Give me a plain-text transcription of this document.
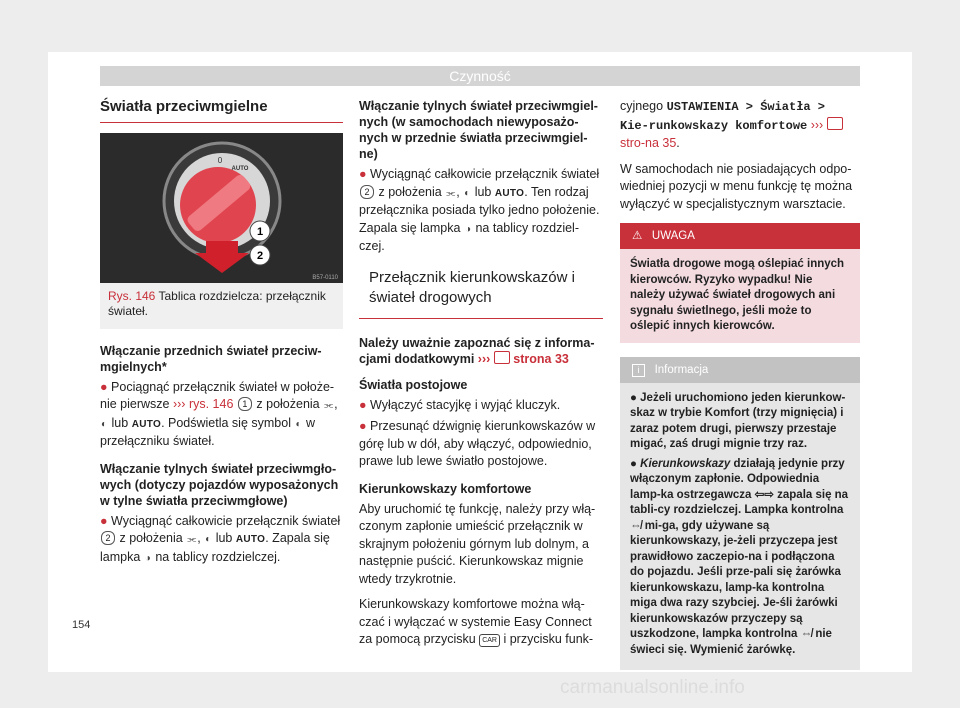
Czynność
Światła przeciwmgielne
0
AUTO
1
2
B57-0110
Rys. 146 Tablica rozdzielcza: przełącznik świateł.

Włączanie przednich świateł przeciw-mgielnych*

● Pociągnąć przełącznik świateł w położe-nie pierwsze ››› rys. 146 1 z położenia ⫘, ◐ lub AUTO. Podświetla się symbol ◐ w przełączniku świateł.

Włączanie tylnych świateł przeciwmgło-wych (dotyczy pojazdów wyposażonych w tylne światła przeciwmgłowe)

● Wyciągnąć całkowicie przełącznik świateł 2 z położenia ⫘, ◐ lub AUTO. Zapala się lampka ◑ na tablicy rozdzielczej.

Włączanie tylnych świateł przeciwmgiel-nych (w samochodach niewyposażo-nych w przednie światła przeciwmgiel-ne)

● Wyciągnąć całkowicie przełącznik świateł 2 z położenia ⫘, ◐ lub AUTO. Ten rodzaj przełącznika posiada tylko jedno położenie. Zapala się lampka ◑ na tablicy rozdziel-czej.

Przełącznik kierunkowskazów i świateł drogowych

Należy uważnie zapoznać się z informa-cjami dodatkowymi ››› strona 33

Światła postojowe

● Wyłączyć stacyjkę i wyjąć kluczyk.

● Przesunąć dźwignię kierunkowskazów w górę lub w dół, aby włączyć, odpowiednio, prawe lub lewe światło postojowe.

Kierunkowskazy komfortowe

Aby uruchomić tę funkcję, należy przy włą-czonym zapłonie umieścić przełącznik w skrajnym położeniu górnym lub dolnym, a następnie puścić. Kierunkowskaz mignie wtedy trzykrotnie.

Kierunkowskazy komfortowe można włą-czać i wyłączać w systemie Easy Connect za pomocą przycisku CAR i przycisku funk-

cyjnego USTAWIENIA > Światła > Kie-runkowskazy komfortowe ›››  stro-na 35.

W samochodach nie posiadających odpo-wiedniej pozycji w menu funkcję tę można wyłączyć w specjalistycznym warsztacie.

⚠ UWAGA
Światła drogowe mogą oślepiać innych kierowców. Ryzyko wypadku! Nie należy używać świateł drogowych ani sygnału świetlnego, jeśli może to oślepić innych kierowców.
i Informacja

● Jeżeli uruchomiono jeden kierunkow-skaz w trybie Komfort (trzy mignięcia) i zaraz potem drugi, pierwszy przestaje migać, zaś drugi mignie trzy raz.

● Kierunkowskazy działają jedynie przy włączonym zapłonie. Odpowiednia lamp-ka ostrzegawcza ⇦⇨ zapala się na tabli-cy rozdzielczej. Lampka kontrolna ⇎ mi-ga, gdy używane są kierunkowskazy, je-żeli przyczepa jest prawidłowo zaczepio-na i podłączona do pojazdu. Jeśli prze-pali się żarówka kierunkowskazu, lamp-ka kontrolna miga dwa razy szybciej. Je-śli żarówki kierunkowskazów przyczepy są uszkodzone, lampka kontrolna ⇎ nie świeci się. Wymienić żarówkę.

154
carmanualsonline.info
